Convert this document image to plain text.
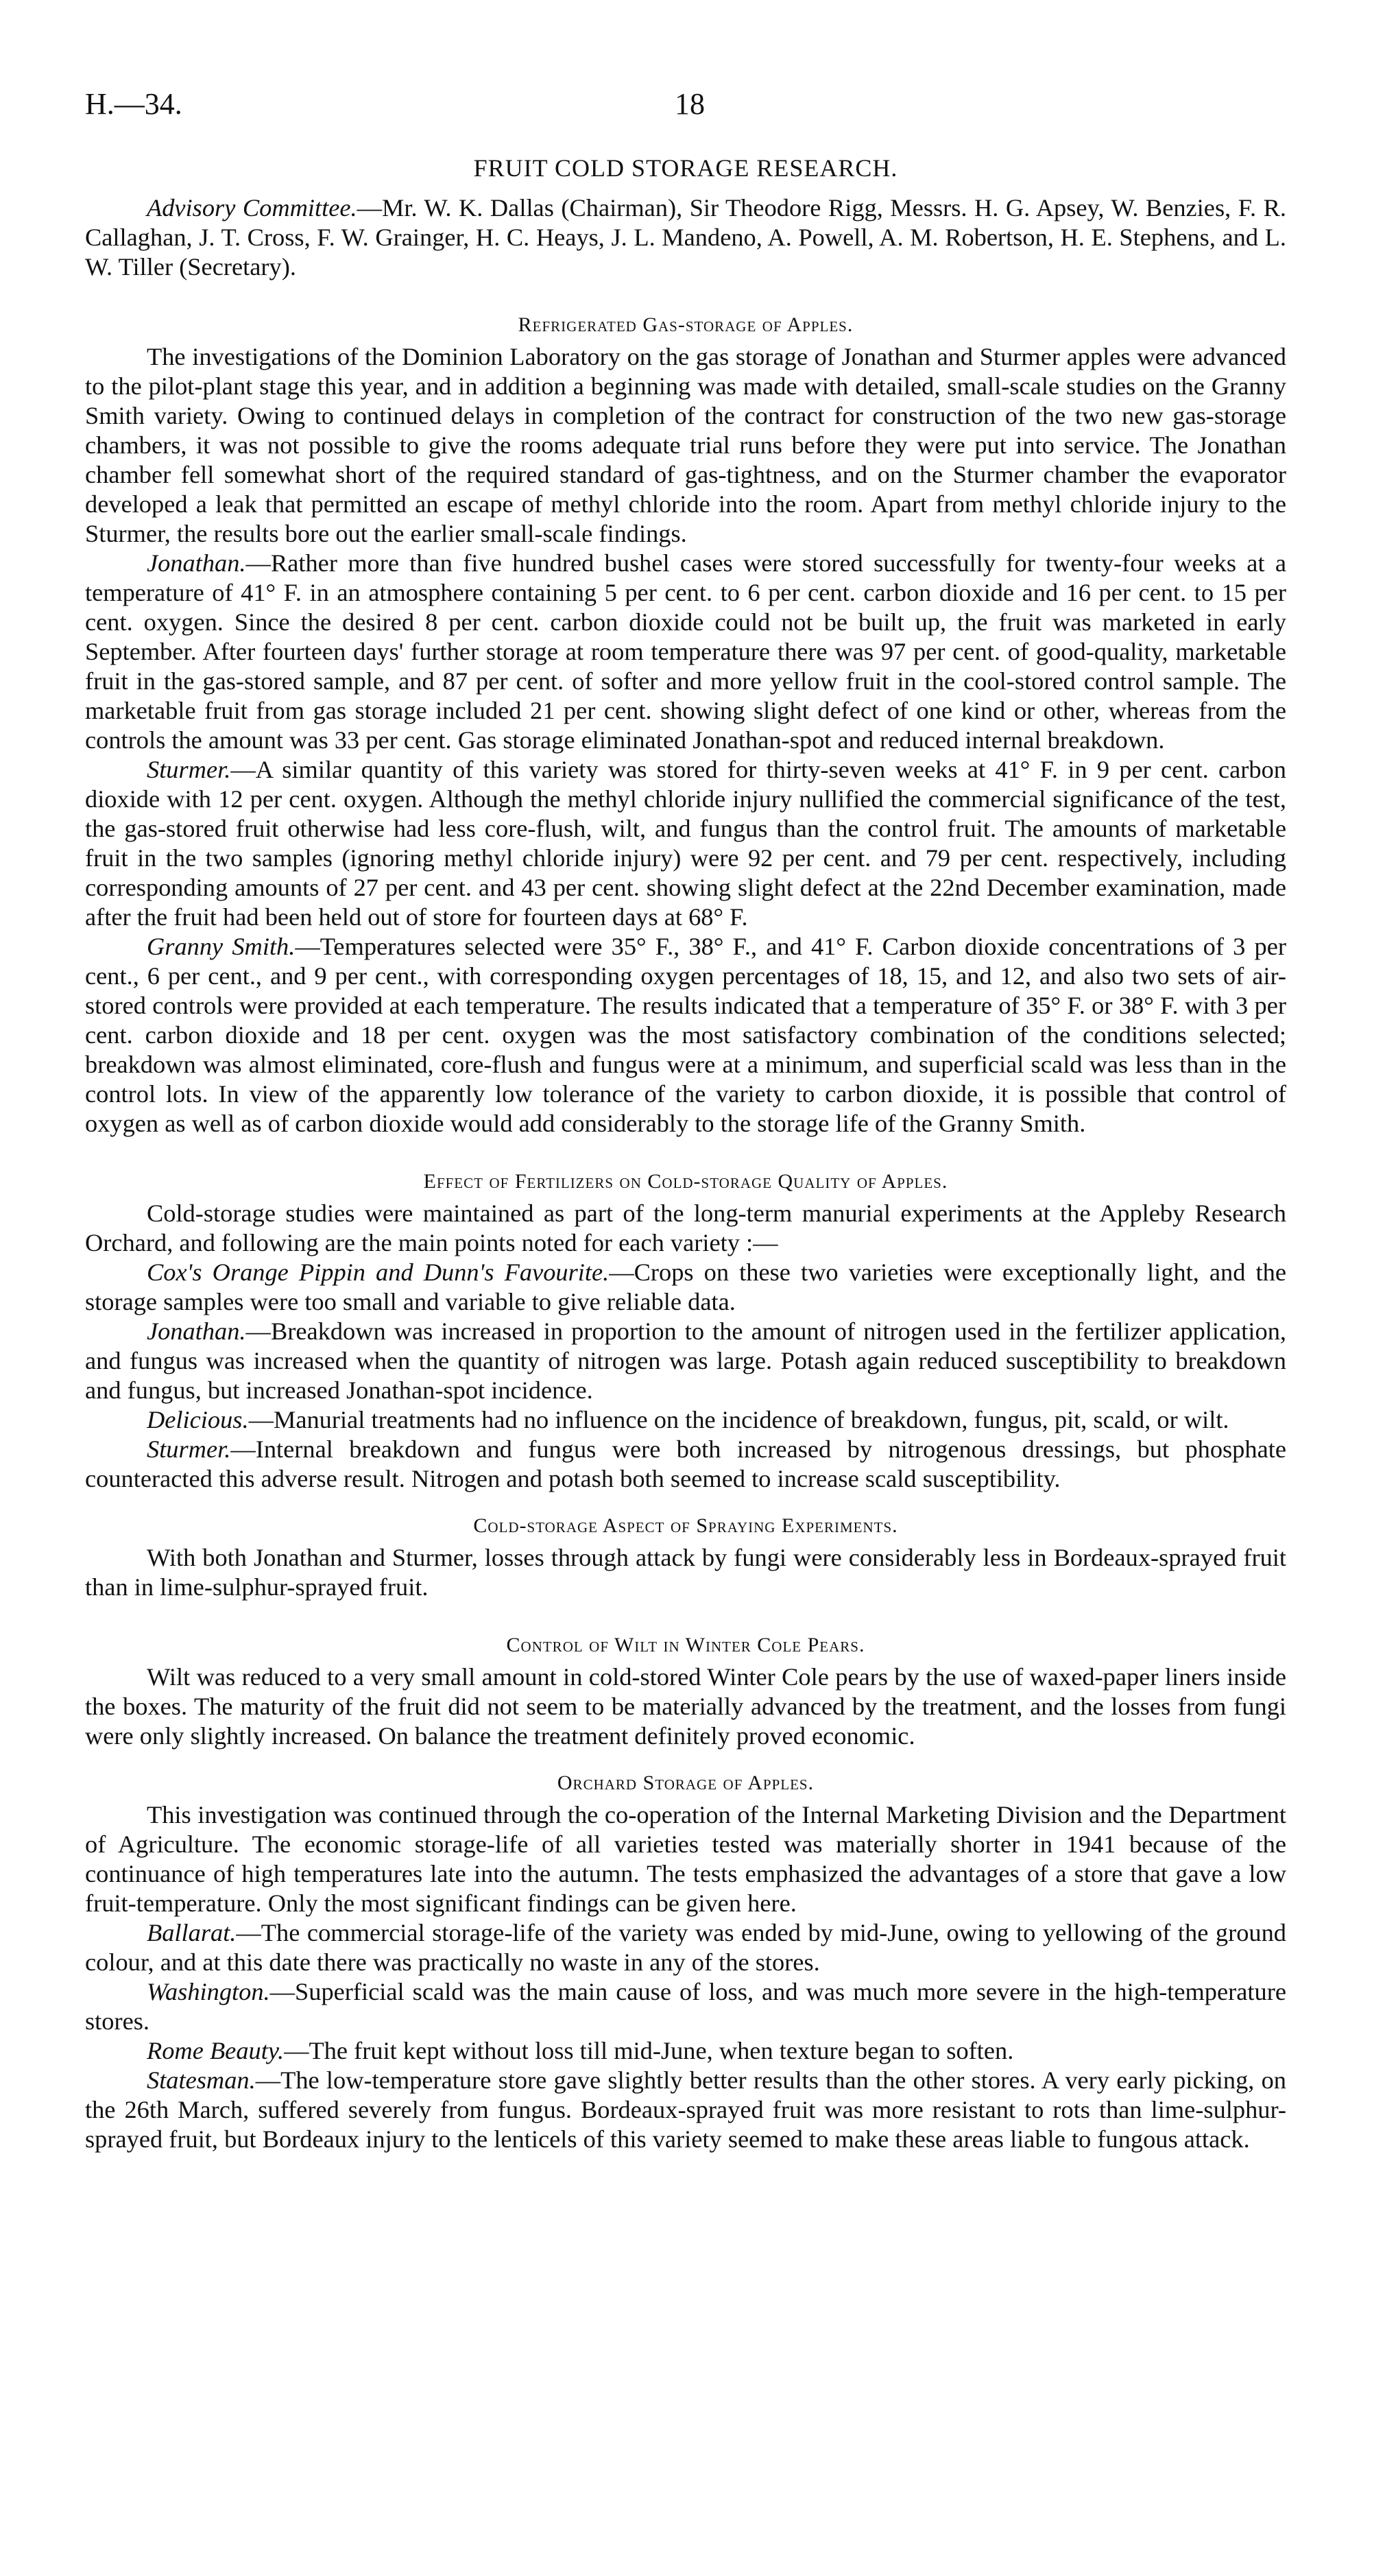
H.—34.	18
FRUIT COLD STORAGE RESEARCH.

Advisory Committee.—Mr. W. K. Dallas (Chairman), Sir Theodore Rigg, Messrs. H. G. Apsey, W. Benzies, F. R. Callaghan, J. T. Cross, F. W. Grainger, H. C. Heays, J. L. Mandeno, A. Powell, A. M. Robertson, H. E. Stephens, and L. W. Tiller (Secretary).

Refrigerated Gas-storage of Apples.

The investigations of the Dominion Laboratory on the gas storage of Jonathan and Sturmer apples were advanced to the pilot-plant stage this year, and in addition a beginning was made with detailed, small-scale studies on the Granny Smith variety. Owing to continued delays in completion of the contract for construction of the two new gas-storage chambers, it was not possible to give the rooms adequate trial runs before they were put into service. The Jonathan chamber fell somewhat short of the required standard of gas-tightness, and on the Sturmer chamber the evaporator developed a leak that permitted an escape of methyl chloride into the room. Apart from methyl chloride injury to the Sturmer, the results bore out the earlier small-scale findings.

Jonathan.—Rather more than five hundred bushel cases were stored successfully for twenty-four weeks at a temperature of 41° F. in an atmosphere containing 5 per cent. to 6 per cent. carbon dioxide and 16 per cent. to 15 per cent. oxygen. Since the desired 8 per cent. carbon dioxide could not be built up, the fruit was marketed in early September. After fourteen days' further storage at room temperature there was 97 per cent. of good-quality, marketable fruit in the gas-stored sample, and 87 per cent. of softer and more yellow fruit in the cool-stored control sample. The marketable fruit from gas storage included 21 per cent. showing slight defect of one kind or other, whereas from the controls the amount was 33 per cent. Gas storage eliminated Jonathan-spot and reduced internal breakdown.

Sturmer.—A similar quantity of this variety was stored for thirty-seven weeks at 41° F. in 9 per cent. carbon dioxide with 12 per cent. oxygen. Although the methyl chloride injury nullified the commercial significance of the test, the gas-stored fruit otherwise had less core-flush, wilt, and fungus than the control fruit. The amounts of marketable fruit in the two samples (ignoring methyl chloride injury) were 92 per cent. and 79 per cent. respectively, including corresponding amounts of 27 per cent. and 43 per cent. showing slight defect at the 22nd December examination, made after the fruit had been held out of store for fourteen days at 68° F.

Granny Smith.—Temperatures selected were 35° F., 38° F., and 41° F. Carbon dioxide concentrations of 3 per cent., 6 per cent., and 9 per cent., with corresponding oxygen percentages of 18, 15, and 12, and also two sets of air-stored controls were provided at each temperature. The results indicated that a temperature of 35° F. or 38° F. with 3 per cent. carbon dioxide and 18 per cent. oxygen was the most satisfactory combination of the conditions selected; breakdown was almost eliminated, core-flush and fungus were at a minimum, and superficial scald was less than in the control lots. In view of the apparently low tolerance of the variety to carbon dioxide, it is possible that control of oxygen as well as of carbon dioxide would add considerably to the storage life of the Granny Smith.

Effect of Fertilizers on Cold-storage Quality of Apples.

Cold-storage studies were maintained as part of the long-term manurial experiments at the Appleby Research Orchard, and following are the main points noted for each variety :—

Cox's Orange Pippin and Dunn's Favourite.—Crops on these two varieties were exceptionally light, and the storage samples were too small and variable to give reliable data.

Jonathan.—Breakdown was increased in proportion to the amount of nitrogen used in the fertilizer application, and fungus was increased when the quantity of nitrogen was large. Potash again reduced susceptibility to breakdown and fungus, but increased Jonathan-spot incidence.

Delicious.—Manurial treatments had no influence on the incidence of breakdown, fungus, pit, scald, or wilt.

Sturmer.—Internal breakdown and fungus were both increased by nitrogenous dressings, but phosphate counteracted this adverse result. Nitrogen and potash both seemed to increase scald susceptibility.

Cold-storage Aspect of Spraying Experiments.

With both Jonathan and Sturmer, losses through attack by fungi were considerably less in Bordeaux-sprayed fruit than in lime-sulphur-sprayed fruit.

Control of Wilt in Winter Cole Pears.

Wilt was reduced to a very small amount in cold-stored Winter Cole pears by the use of waxed-paper liners inside the boxes. The maturity of the fruit did not seem to be materially advanced by the treatment, and the losses from fungi were only slightly increased. On balance the treatment definitely proved economic.

Orchard Storage of Apples.

This investigation was continued through the co-operation of the Internal Marketing Division and the Department of Agriculture. The economic storage-life of all varieties tested was materially shorter in 1941 because of the continuance of high temperatures late into the autumn. The tests emphasized the advantages of a store that gave a low fruit-temperature. Only the most significant findings can be given here.

Ballarat.—The commercial storage-life of the variety was ended by mid-June, owing to yellowing of the ground colour, and at this date there was practically no waste in any of the stores.

Washington.—Superficial scald was the main cause of loss, and was much more severe in the high-temperature stores.

Rome Beauty.—The fruit kept without loss till mid-June, when texture began to soften.

Statesman.—The low-temperature store gave slightly better results than the other stores. A very early picking, on the 26th March, suffered severely from fungus. Bordeaux-sprayed fruit was more resistant to rots than lime-sulphur-sprayed fruit, but Bordeaux injury to the lenticels of this variety seemed to make these areas liable to fungous attack.
